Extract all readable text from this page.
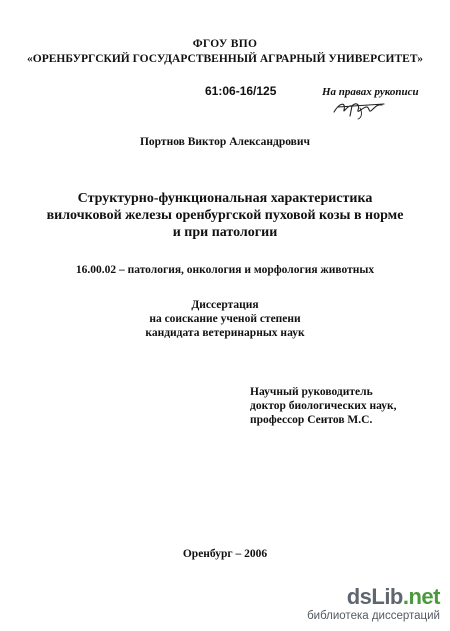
ФГОУ ВПО
«ОРЕНБУРГСКИЙ ГОСУДАРСТВЕННЫЙ АГРАРНЫЙ УНИВЕРСИТЕТ»
61:06-16/125	На правах рукописи
Портнов Виктор Александрович
Структурно-функциональная характеристика
вилочковой железы оренбургской пуховой козы в норме
и при патологии
16.00.02 – патология, онкология и морфология животных
Диссертация
на соискание ученой степени
кандидата ветеринарных наук
Научный руководитель
доктор биологических наук,
профессор Сеитов М.С.
Оренбург – 2006
dsLib.net
библиотека диссертаций
